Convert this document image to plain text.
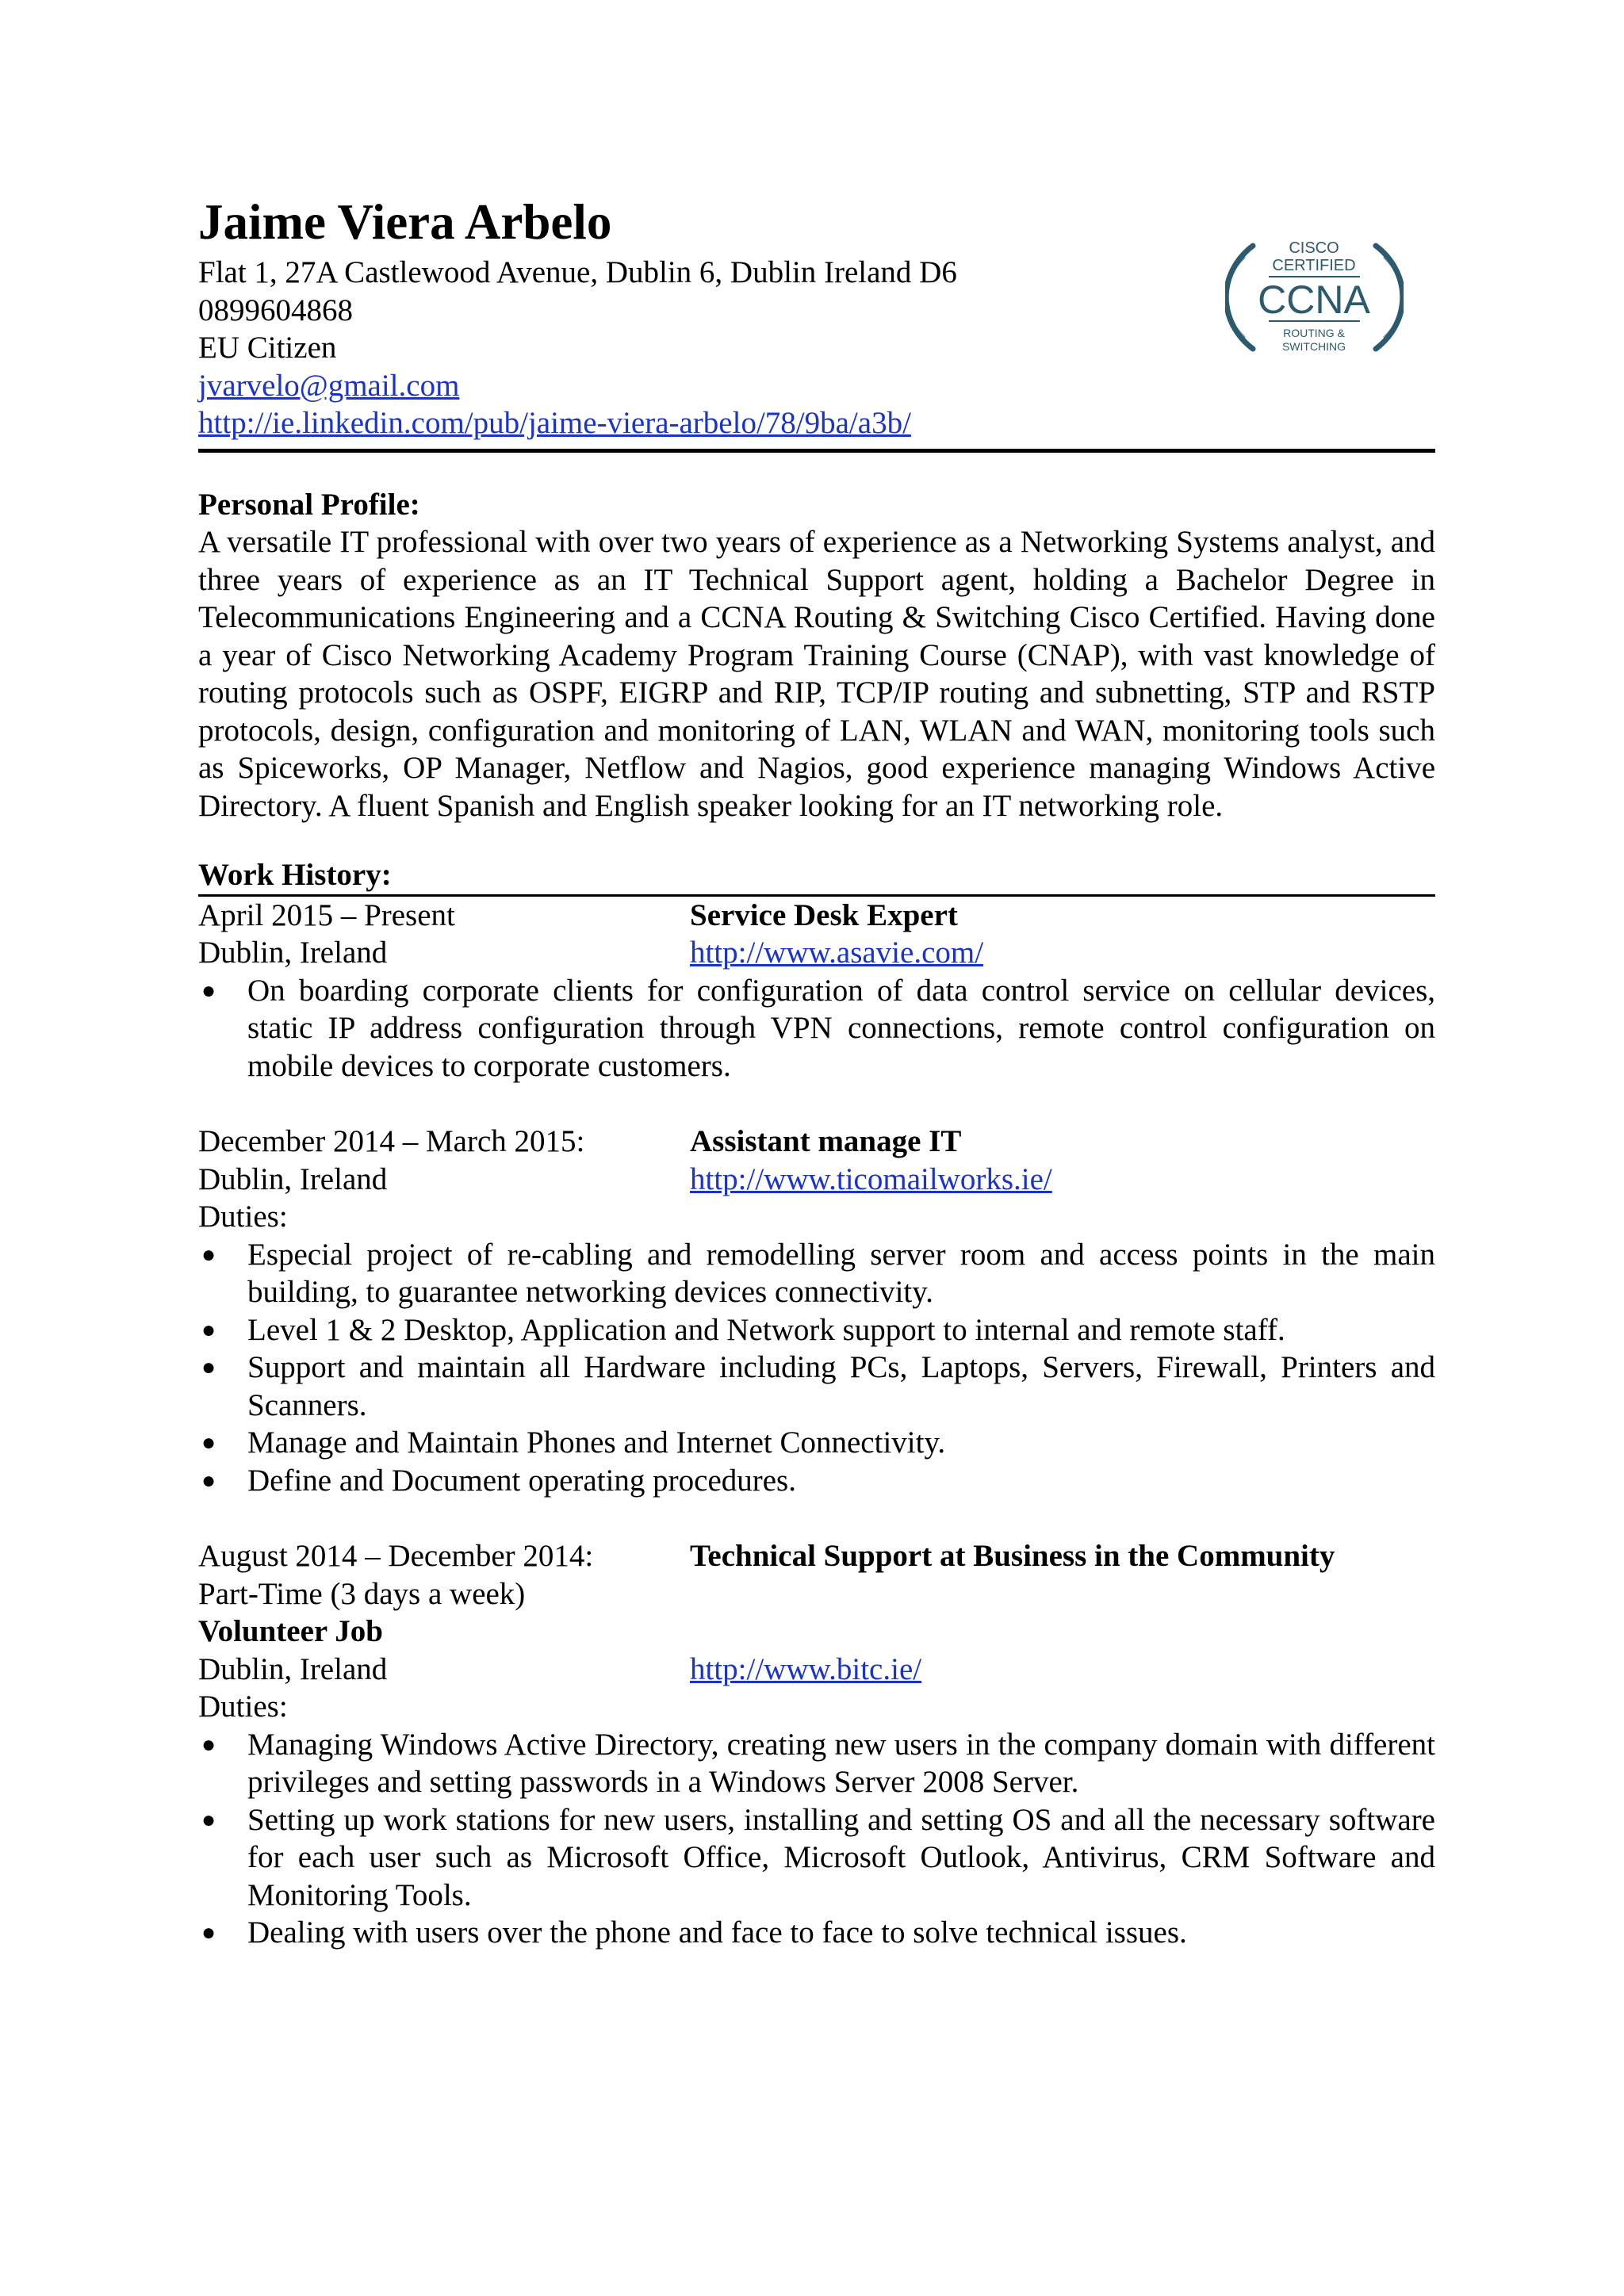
CISCO
CERTIFIED
CCNA
ROUTING &
SWITCHING
Jaime Viera Arbelo
Flat 1, 27A Castlewood Avenue, Dublin 6, Dublin Ireland D6
0899604868
EU Citizen
jvarvelo@gmail.com
http://ie.linkedin.com/pub/jaime-viera-arbelo/78/9ba/a3b/
Personal Profile:
A versatile IT professional with over two years of experience as a Networking Systems analyst, and three years of experience as an IT Technical Support agent, holding a Bachelor Degree in Telecommunications Engineering and a CCNA Routing & Switching Cisco Certified. Having done a year of Cisco Networking Academy Program Training Course (CNAP), with vast knowledge of routing protocols such as OSPF, EIGRP and RIP, TCP/IP routing and subnetting, STP and RSTP protocols, design, configuration and monitoring of LAN, WLAN and WAN, monitoring tools such as Spiceworks, OP Manager, Netflow and Nagios, good experience managing Windows Active Directory. A fluent Spanish and English speaker looking for an IT networking role.
Work History:
April 2015 – Present	Service Desk Expert
Dublin, Ireland	http://www.asavie.com/
● On boarding corporate clients for configuration of data control service on cellular devices, static IP address configuration through VPN connections, remote control configuration on mobile devices to corporate customers.
December 2014 – March 2015:	Assistant manage IT
Dublin, Ireland	http://www.ticomailworks.ie/
Duties:
● Especial project of re-cabling and remodelling server room and access points in the main building, to guarantee networking devices connectivity.
● Level 1 & 2 Desktop, Application and Network support to internal and remote staff.
● Support and maintain all Hardware including PCs, Laptops, Servers, Firewall, Printers and Scanners.
● Manage and Maintain Phones and Internet Connectivity.
● Define and Document operating procedures.
August 2014 – December 2014:	Technical Support at Business in the Community
Part-Time (3 days a week)
Volunteer Job
Dublin, Ireland	http://www.bitc.ie/
Duties:
● Managing Windows Active Directory, creating new users in the company domain with different privileges and setting passwords in a Windows Server 2008 Server.
● Setting up work stations for new users, installing and setting OS and all the necessary software for each user such as Microsoft Office, Microsoft Outlook, Antivirus, CRM Software and Monitoring Tools.
● Dealing with users over the phone and face to face to solve technical issues.
